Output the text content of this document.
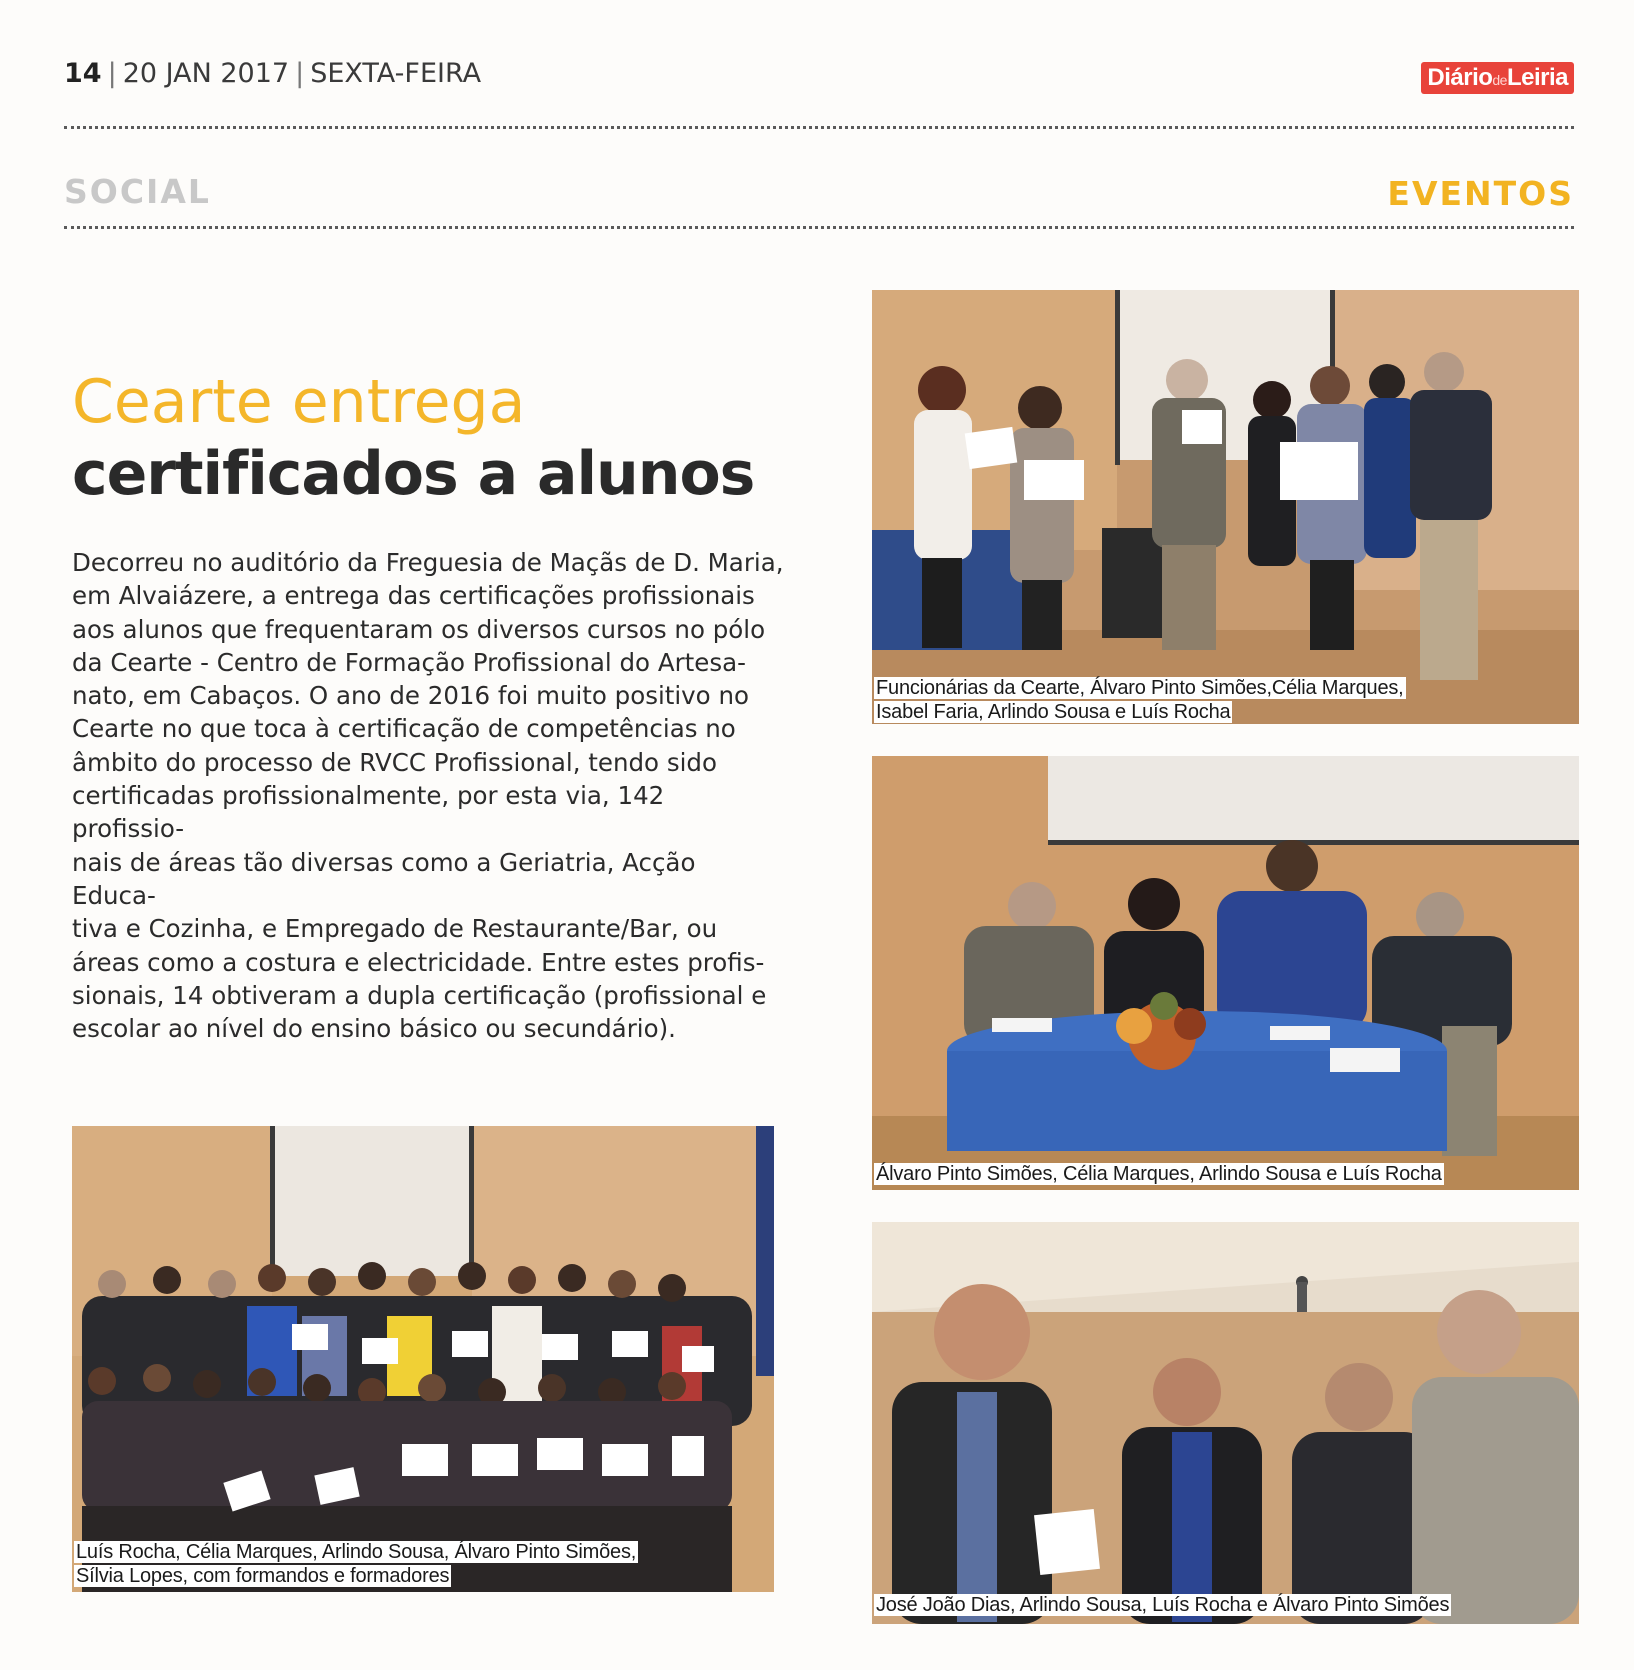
14 | 20 JAN 2017 | SEXTA-FEIRA	DiáriodeLeiria
SOCIAL	EVENTOS
Cearte entrega
certificados a alunos
Decorreu no auditório da Freguesia de Maçãs de D. Maria,
em Alvaiázere, a entrega das certificações profissionais
aos alunos que frequentaram os diversos cursos no pólo
da Cearte - Centro de Formação Profissional do Artesa-
nato, em Cabaços. O ano de 2016 foi muito positivo no
Cearte no que toca à certificação de competências no
âmbito do processo de RVCC Profissional, tendo sido
certificadas profissionalmente, por esta via, 142 profissio-
nais de áreas tão diversas como a Geriatria, Acção Educa-
tiva e Cozinha, e Empregado de Restaurante/Bar, ou
áreas como a costura e electricidade. Entre estes profis-
sionais, 14 obtiveram a dupla certificação (profissional e
escolar ao nível do ensino básico ou secundário).
Funcionárias da Cearte, Álvaro Pinto Simões,Célia Marques,
Isabel Faria, Arlindo Sousa e Luís Rocha
Álvaro Pinto Simões, Célia Marques, Arlindo Sousa e Luís Rocha
José João Dias, Arlindo Sousa, Luís Rocha e Álvaro Pinto Simões
Luís Rocha, Célia Marques, Arlindo Sousa, Álvaro Pinto Simões,
Sílvia Lopes, com formandos e formadores
